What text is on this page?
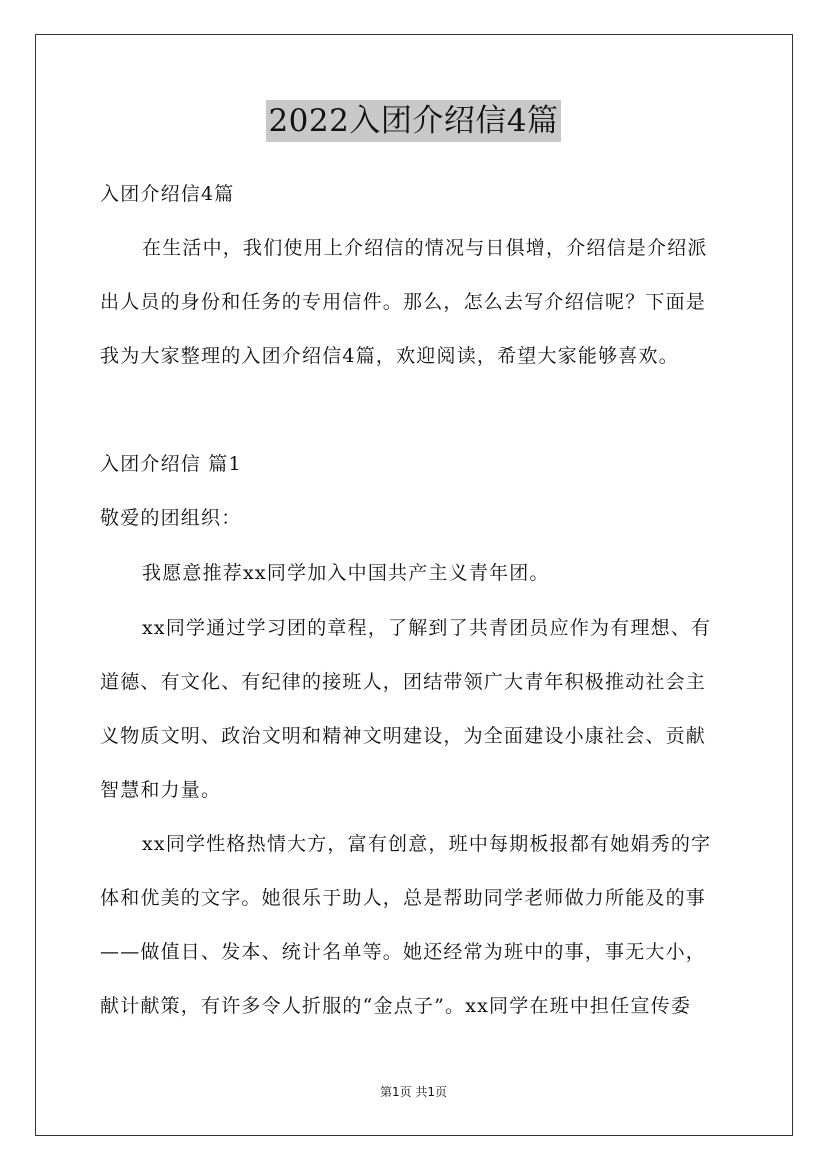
2022入团介绍信4篇
入团介绍信4篇
在生活中，我们使用上介绍信的情况与日俱增，介绍信是介绍派
出人员的身份和任务的专用信件。那么，怎么去写介绍信呢？下面是
我为大家整理的入团介绍信4篇，欢迎阅读，希望大家能够喜欢。
入团介绍信 篇1
敬爱的团组织：
我愿意推荐xx同学加入中国共产主义青年团。
xx同学通过学习团的章程，了解到了共青团员应作为有理想、有
道德、有文化、有纪律的接班人，团结带领广大青年积极推动社会主
义物质文明、政治文明和精神文明建设，为全面建设小康社会、贡献
智慧和力量。
xx同学性格热情大方，富有创意，班中每期板报都有她娟秀的字
体和优美的文字。她很乐于助人，总是帮助同学老师做力所能及的事
——做值日、发本、统计名单等。她还经常为班中的事，事无大小，
献计献策，有许多令人折服的“金点子”。xx同学在班中担任宣传委
第1页 共1页
